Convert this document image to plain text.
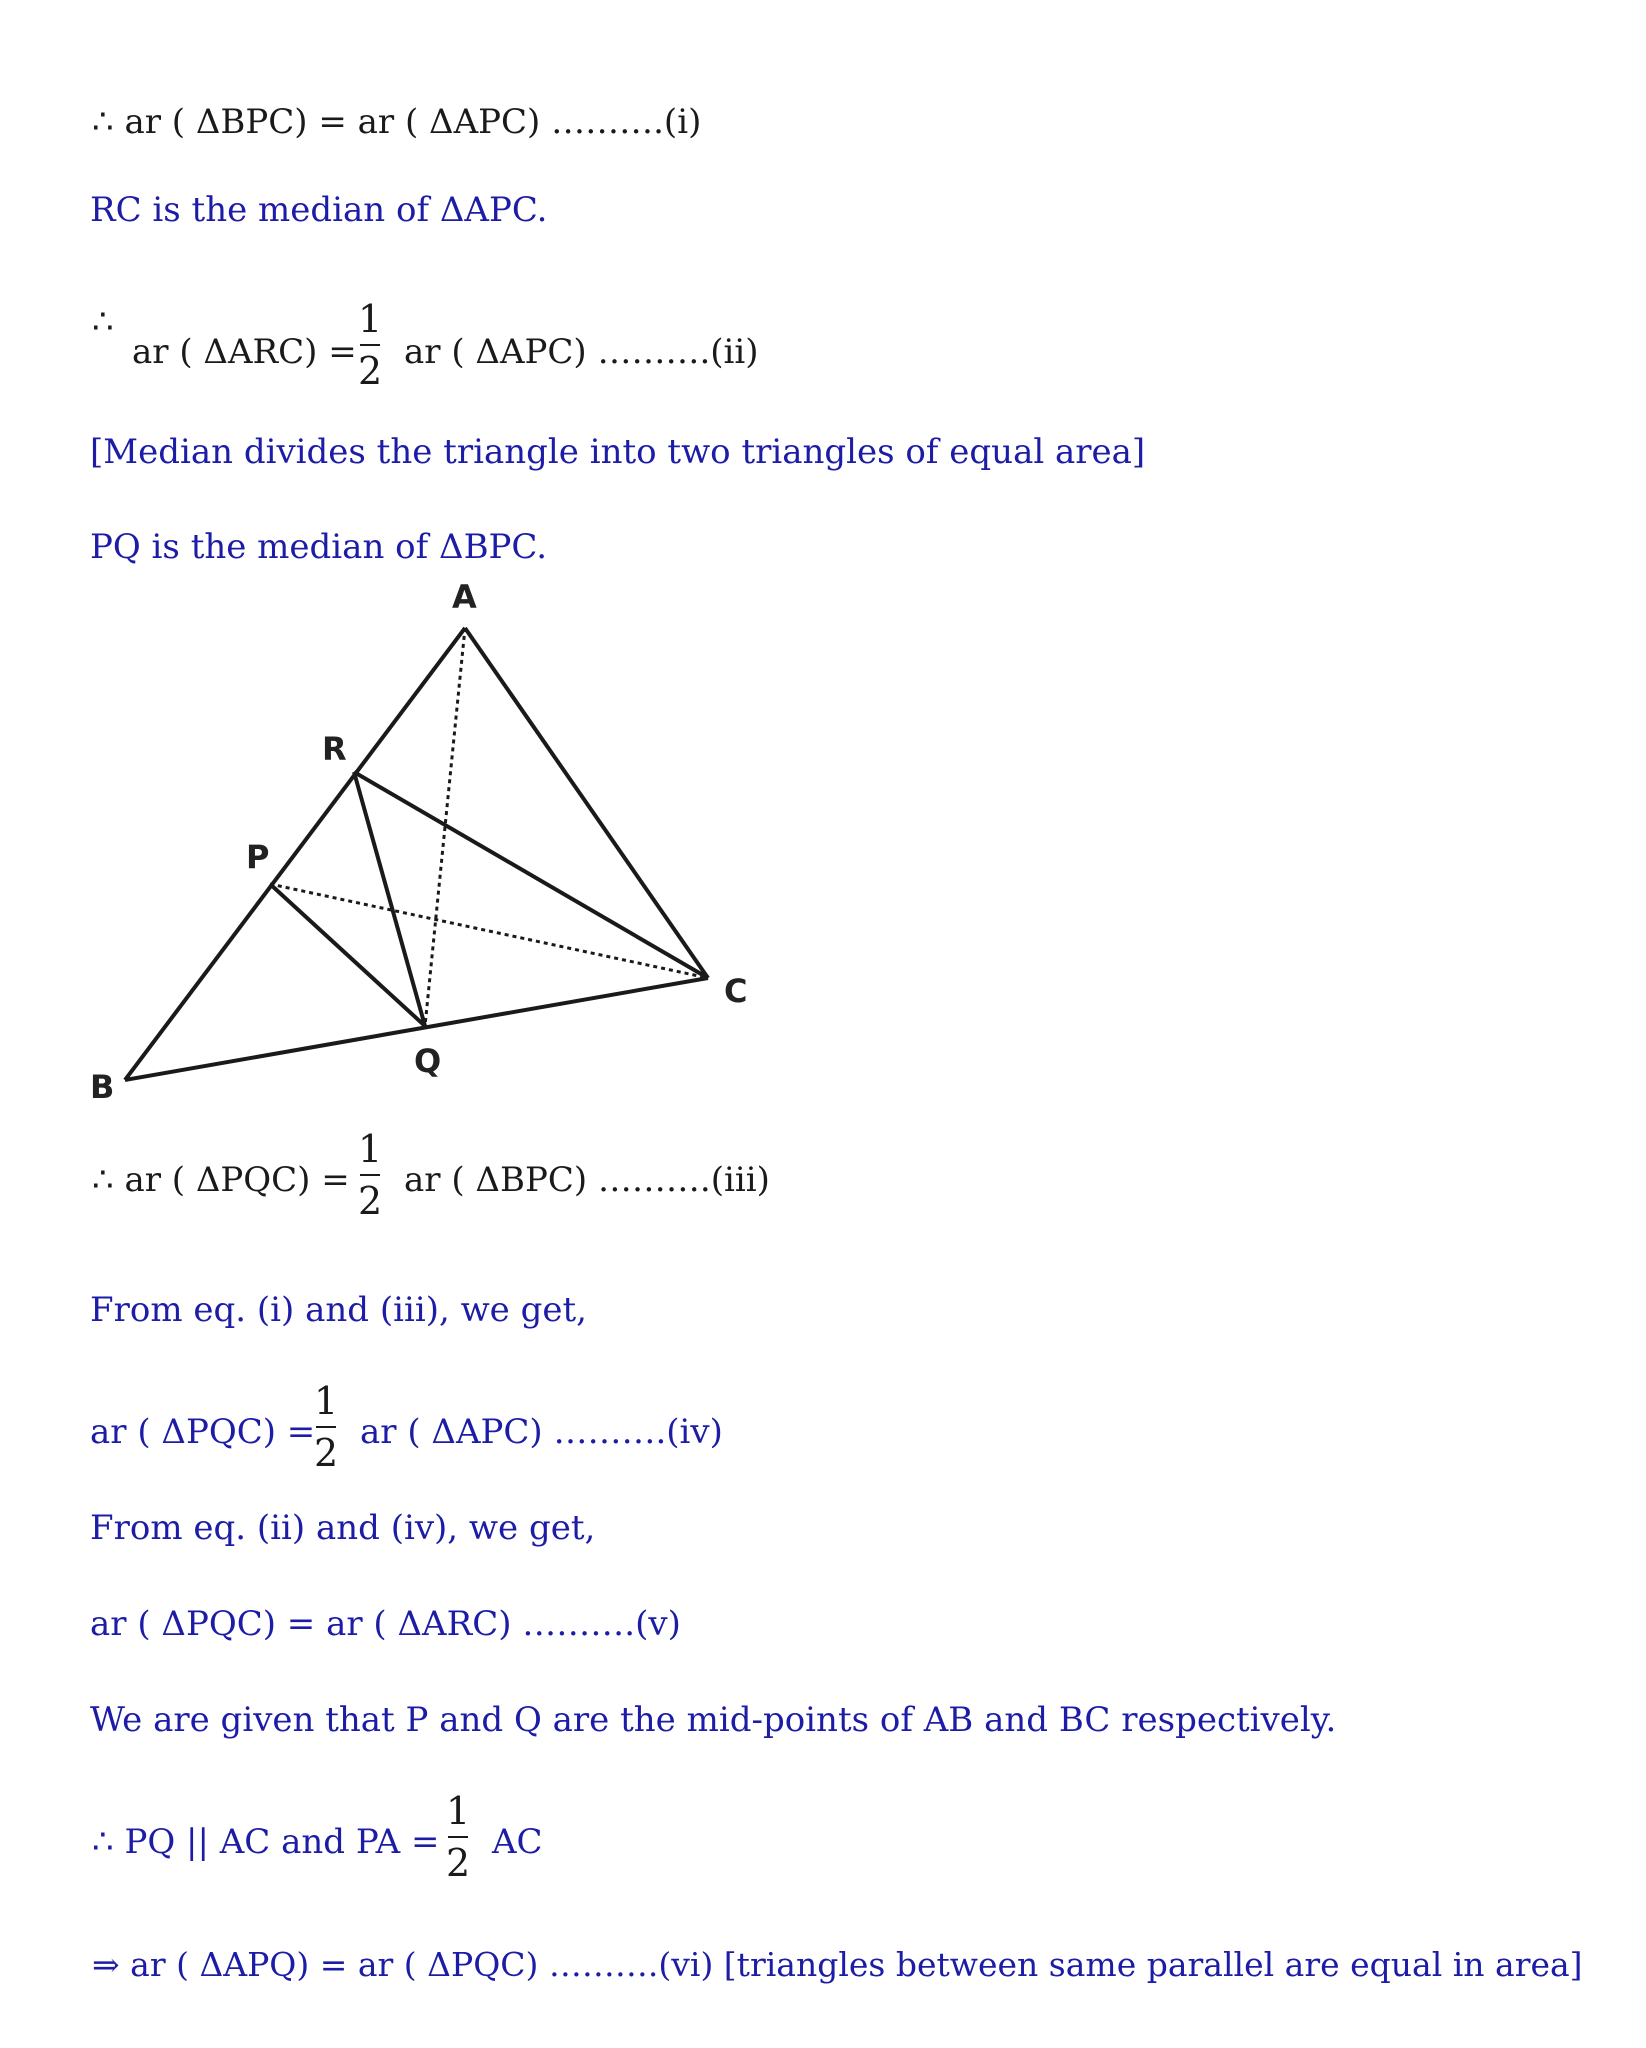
∴ ar ( ΔBPC) = ar ( ΔAPC) ……….(i)
RC is the median of ΔAPC.
∴
ar ( ΔARC) =
1
2 ar ( ΔAPC) ……….(ii)
[Median divides the triangle into two triangles of equal area]
PQ is the median of ΔBPC.
A
R
P
C
Q
B
∴ ar ( ΔPQC) =
1
2 ar ( ΔBPC) ……….(iii)
From eq. (i) and (iii), we get,
ar ( ΔPQC) =
1
2 ar ( ΔAPC) ……….(iv)
From eq. (ii) and (iv), we get,
ar ( ΔPQC) = ar ( ΔARC) ……….(v)
We are given that P and Q are the mid-points of AB and BC respectively.
∴ PQ || AC and PA =
1
2 AC
⇒ ar ( ΔAPQ) = ar ( ΔPQC) ……….(vi) [triangles between same parallel are equal in area]
